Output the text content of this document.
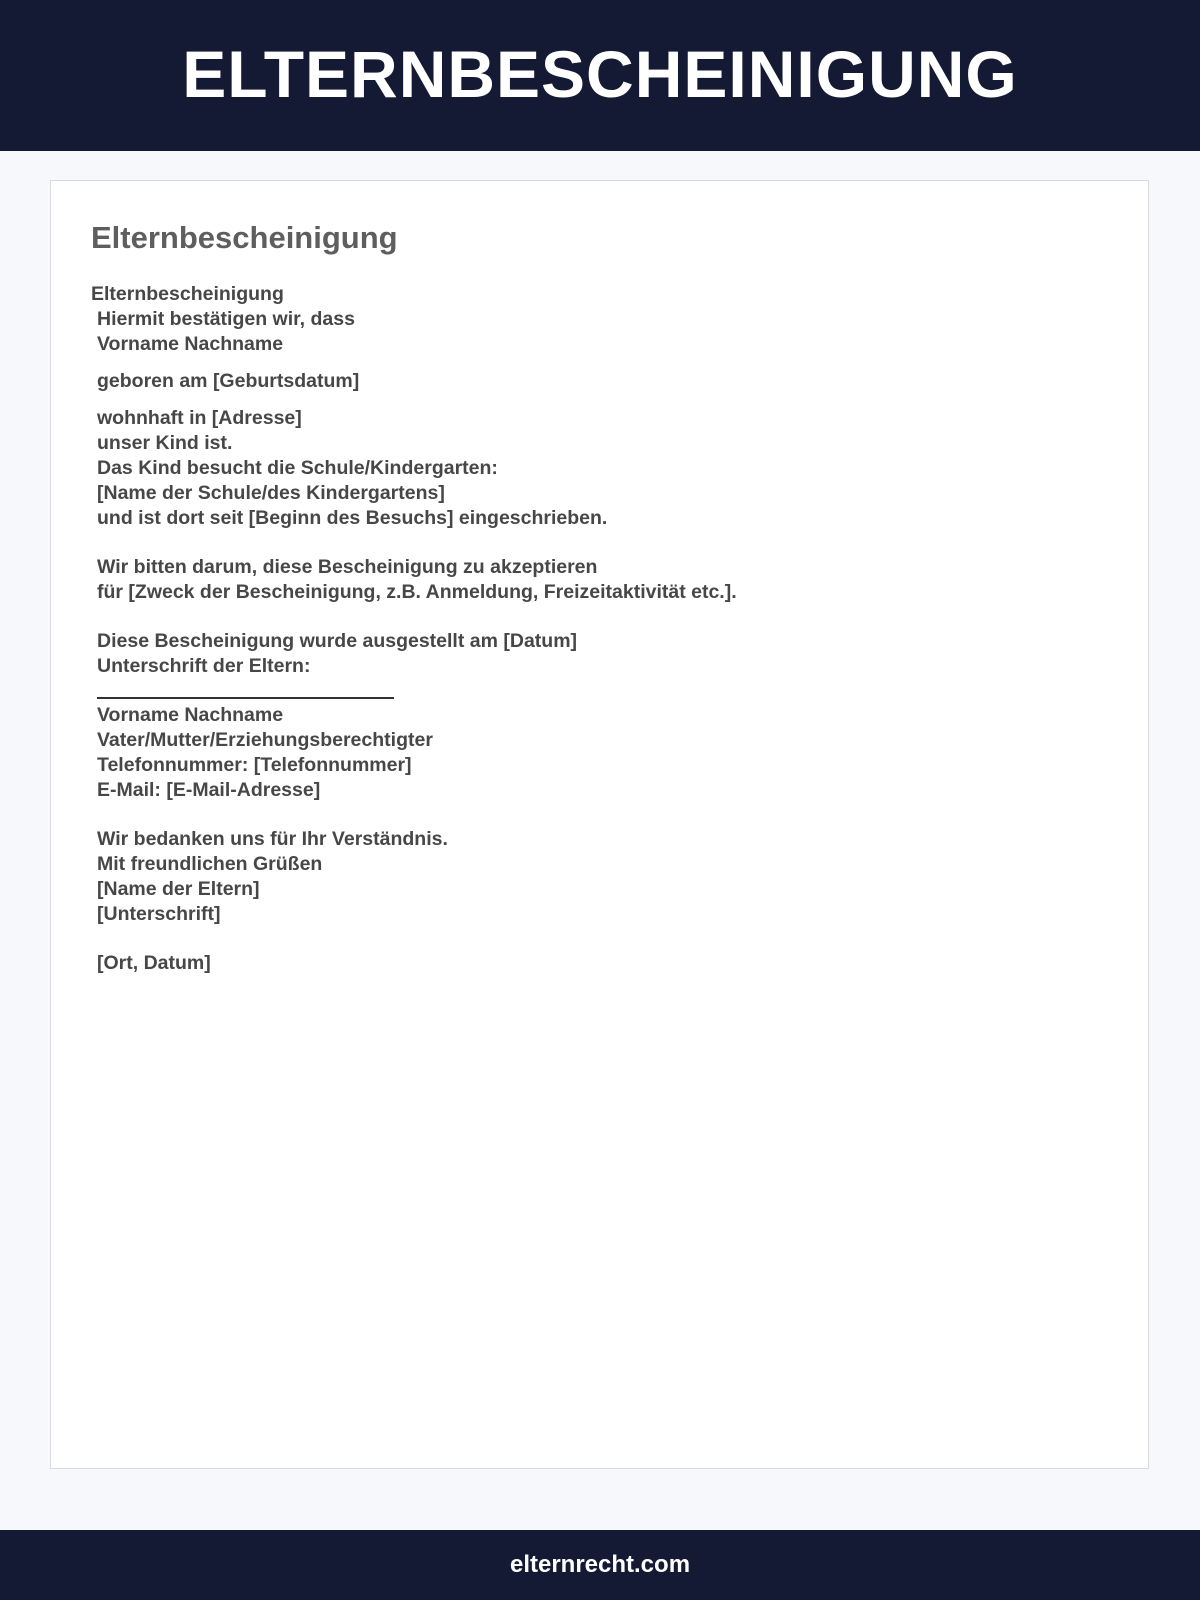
ELTERNBESCHEINIGUNG
Elternbescheinigung
Elternbescheinigung
Hiermit bestätigen wir, dass
Vorname Nachname
geboren am [Geburtsdatum]
wohnhaft in [Adresse]
unser Kind ist.
Das Kind besucht die Schule/Kindergarten:
[Name der Schule/des Kindergartens]
und ist dort seit [Beginn des Besuchs] eingeschrieben.
Wir bitten darum, diese Bescheinigung zu akzeptieren
für [Zweck der Bescheinigung, z.B. Anmeldung, Freizeitaktivität etc.].
Diese Bescheinigung wurde ausgestellt am [Datum]
Unterschrift der Eltern:
Vorname Nachname
Vater/Mutter/Erziehungsberechtigter
Telefonnummer: [Telefonnummer]
E-Mail: [E-Mail-Adresse]
Wir bedanken uns für Ihr Verständnis.
Mit freundlichen Grüßen
[Name der Eltern]
[Unterschrift]
[Ort, Datum]
elternrecht.com
